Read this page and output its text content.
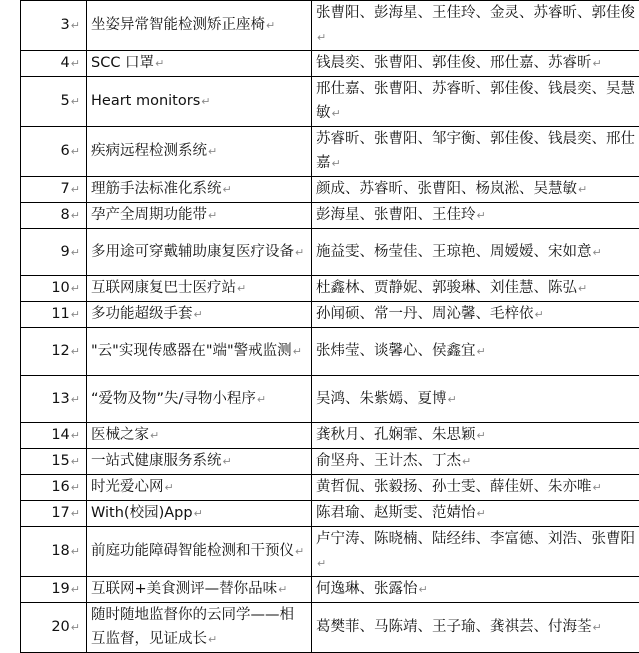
3↵	坐姿异常智能检测矫正座椅↵	张曹阳、彭海星、王佳玲、金灵、苏睿昕、郭佳俊↵
4↵	SCC 口罩↵	钱晨奕、张曹阳、郭佳俊、邢仕嘉、苏睿昕↵
5↵	Heart monitors↵	邢仕嘉、张曹阳、苏睿昕、郭佳俊、钱晨奕、吴慧敏↵
6↵	疾病远程检测系统↵	苏睿昕、张曹阳、邹宇衡、郭佳俊、钱晨奕、邢仕嘉↵
7↵	理筋手法标准化系统↵	颜成、苏睿昕、张曹阳、杨岚淞、吴慧敏↵
8↵	孕产全周期功能带↵	彭海星、张曹阳、王佳玲↵
9↵	多用途可穿戴辅助康复医疗设备↵	施益雯、杨莹佳、王琼艳、周嫒嫒、宋如意↵
10↵	互联网康复巴士医疗站↵	杜鑫林、贾静妮、郭骏琳、刘佳慧、陈弘↵
11↵	多功能超级手套↵	孙闻硕、常一丹、周沁馨、毛梓依↵
12↵	"云"实现传感器在"端"警戒监测↵	张炜莹、谈馨心、侯鑫宜↵
13↵	“爱物及物”失/寻物小程序↵	吴鸿、朱紫嫣、夏博↵
14↵	医械之家↵	龚秋月、孔娴霏、朱思颖↵
15↵	一站式健康服务系统↵	俞坚舟、王计杰、丁杰↵
16↵	时光爱心网↵	黄哲侃、张毅扬、孙士雯、薛佳妍、朱亦唯↵
17↵	With(校园)App↵	陈君瑜、赵斯雯、范婧怡↵
18↵	前庭功能障碍智能检测和干预仪↵	卢宁涛、陈晓楠、陆经纬、李富德、刘浩、张曹阳↵
19↵	互联网+美食测评—替你品味↵	何逸琳、张露怡↵
20↵	随时随地监督你的云同学——相互监督，见证成长↵	葛樊菲、马陈靖、王子瑜、龚祺芸、付海荃↵
